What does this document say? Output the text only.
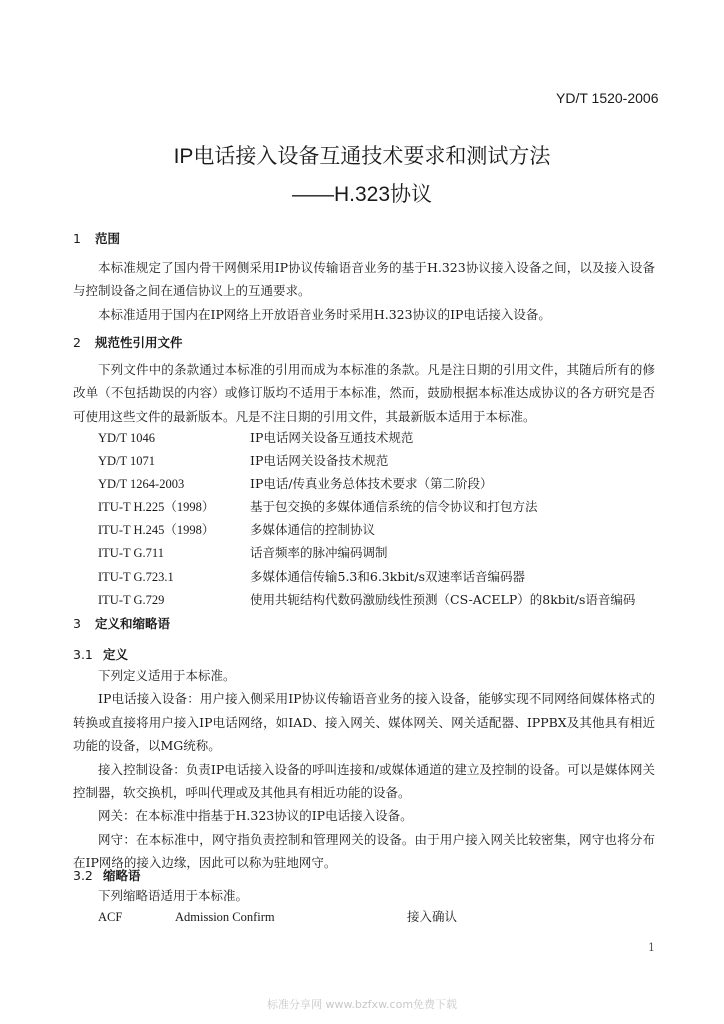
YD/T 1520-2006
IP电话接入设备互通技术要求和测试方法
——H.323协议
1 范围

本标准规定了国内骨干网侧采用IP协议传输语音业务的基于H.323协议接入设备之间，以及接入设备与控制设备之间在通信协议上的互通要求。

本标准适用于国内在IP网络上开放语音业务时采用H.323协议的IP电话接入设备。

2 规范性引用文件

下列文件中的条款通过本标准的引用而成为本标准的条款。凡是注日期的引用文件，其随后所有的修改单（不包括勘误的内容）或修订版均不适用于本标准，然而，鼓励根据本标准达成协议的各方研究是否可使用这些文件的最新版本。凡是不注日期的引用文件，其最新版本适用于本标准。

YD/T 1046	IP电话网关设备互通技术规范
YD/T 1071	IP电话网关设备技术规范
YD/T 1264-2003	IP电话/传真业务总体技术要求（第二阶段）
ITU-T H.225（1998）	基于包交换的多媒体通信系统的信令协议和打包方法
ITU-T H.245（1998）	多媒体通信的控制协议
ITU-T G.711	话音频率的脉冲编码调制
ITU-T G.723.1	多媒体通信传输5.3和6.3kbit/s双速率话音编码器
ITU-T G.729	使用共轭结构代数码激励线性预测（CS-ACELP）的8kbit/s语音编码
3 定义和缩略语
3.1 定义

下列定义适用于本标准。

IP电话接入设备：用户接入侧采用IP协议传输语音业务的接入设备，能够实现不同网络间媒体格式的转换或直接将用户接入IP电话网络，如IAD、接入网关、媒体网关、网关适配器、IPPBX及其他具有相近功能的设备，以MG统称。

接入控制设备：负责IP电话接入设备的呼叫连接和/或媒体通道的建立及控制的设备。可以是媒体网关控制器，软交换机，呼叫代理或及其他具有相近功能的设备。

网关：在本标准中指基于H.323协议的IP电话接入设备。

网守：在本标准中，网守指负责控制和管理网关的设备。由于用户接入网关比较密集，网守也将分布在IP网络的接入边缘，因此可以称为驻地网守。

3.2 缩略语

下列缩略语适用于本标准。

ACF	Admission Confirm	接入确认
1
标准分享网 www.bzfxw.com免费下载
